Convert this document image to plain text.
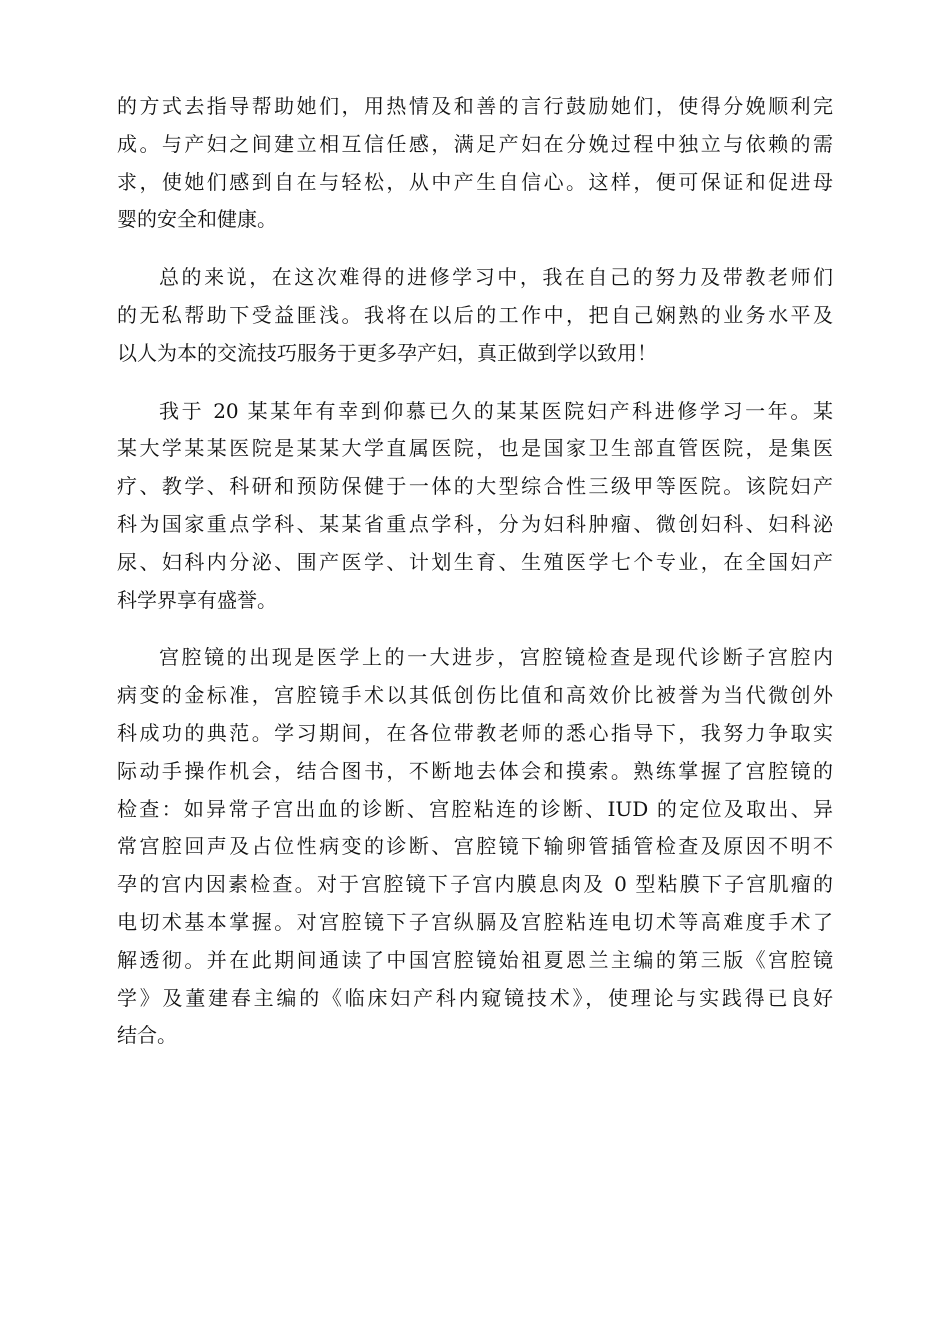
的方式去指导帮助她们，用热情及和善的言行鼓励她们，使得分娩顺利完
成。与产妇之间建立相互信任感，满足产妇在分娩过程中独立与依赖的需
求，使她们感到自在与轻松，从中产生自信心。这样，便可保证和促进母
婴的安全和健康。
总的来说，在这次难得的进修学习中，我在自己的努力及带教老师们
的无私帮助下受益匪浅。我将在以后的工作中，把自己娴熟的业务水平及
以人为本的交流技巧服务于更多孕产妇，真正做到学以致用！
我于 20 某某年有幸到仰慕已久的某某医院妇产科进修学习一年。某
某大学某某医院是某某大学直属医院，也是国家卫生部直管医院，是集医
疗、教学、科研和预防保健于一体的大型综合性三级甲等医院。该院妇产
科为国家重点学科、某某省重点学科，分为妇科肿瘤、微创妇科、妇科泌
尿、妇科内分泌、围产医学、计划生育、生殖医学七个专业，在全国妇产
科学界享有盛誉。
宫腔镜的出现是医学上的一大进步，宫腔镜检查是现代诊断子宫腔内
病变的金标准，宫腔镜手术以其低创伤比值和高效价比被誉为当代微创外
科成功的典范。学习期间，在各位带教老师的悉心指导下，我努力争取实
际动手操作机会，结合图书，不断地去体会和摸索。熟练掌握了宫腔镜的
检查：如异常子宫出血的诊断、宫腔粘连的诊断、IUD 的定位及取出、异
常宫腔回声及占位性病变的诊断、宫腔镜下输卵管插管检查及原因不明不
孕的宫内因素检查。对于宫腔镜下子宫内膜息肉及 0 型粘膜下子宫肌瘤的
电切术基本掌握。对宫腔镜下子宫纵膈及宫腔粘连电切术等高难度手术了
解透彻。并在此期间通读了中国宫腔镜始祖夏恩兰主编的第三版《宫腔镜
学》及董建春主编的《临床妇产科内窥镜技术》，使理论与实践得已良好
结合。
